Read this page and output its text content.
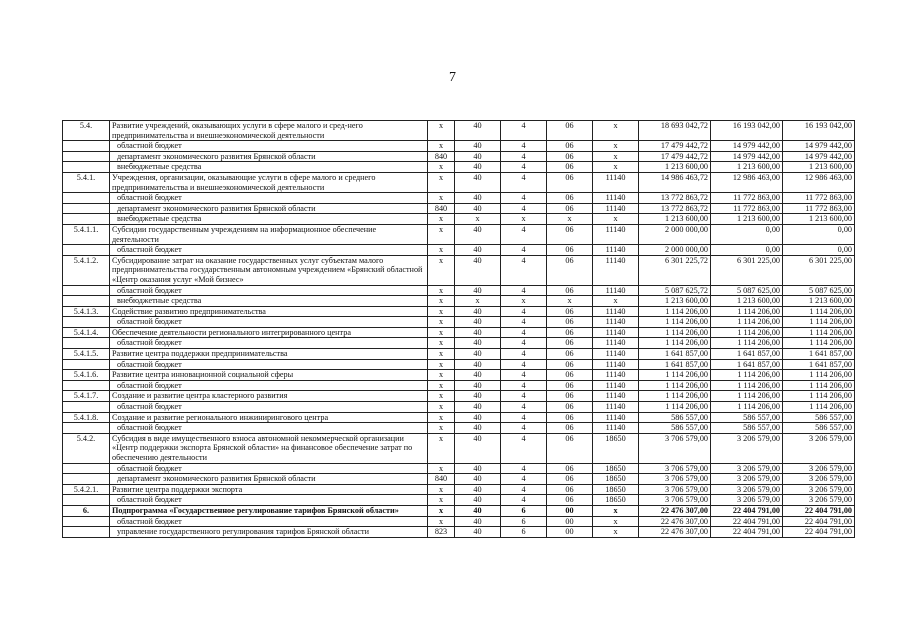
7
5.4.	Развитие учреждений, оказывающих услуги в сфере малого и сред-него предпринимательства и внешнеэкономической деятельности	x	40	4	06	x	18 693 042,72	16 193 042,00	16 193 042,00
	областной бюджет	x	40	4	06	x	17 479 442,72	14 979 442,00	14 979 442,00
	департамент экономического развития Брянской области	840	40	4	06	x	17 479 442,72	14 979 442,00	14 979 442,00
	внебюджетные средства	x	40	4	06	x	1 213 600,00	1 213 600,00	1 213 600,00
5.4.1.	Учреждения, организации, оказывающие услуги в сфере малого и среднего предпринимательства и внешнеэкономической деятельности	x	40	4	06	11140	14 986 463,72	12 986 463,00	12 986 463,00
	областной бюджет	x	40	4	06	11140	13 772 863,72	11 772 863,00	11 772 863,00
	департамент экономического развития Брянской области	840	40	4	06	11140	13 772 863,72	11 772 863,00	11 772 863,00
	внебюджетные средства	x	x	x	x	x	1 213 600,00	1 213 600,00	1 213 600,00
5.4.1.1.	Субсидии государственным учреждениям на информационное обеспечение деятельности	x	40	4	06	11140	2 000 000,00	0,00	0,00
	областной бюджет	x	40	4	06	11140	2 000 000,00	0,00	0,00
5.4.1.2.	Субсидирование затрат на оказание государственных услуг субъектам малого предпринимательства государственным автономным учреждением «Брянский областной «Центр оказания услуг «Мой бизнес»	x	40	4	06	11140	6 301 225,72	6 301 225,00	6 301 225,00
	областной бюджет	x	40	4	06	11140	5 087 625,72	5 087 625,00	5 087 625,00
	внебюджетные средства	x	x	x	x	x	1 213 600,00	1 213 600,00	1 213 600,00
5.4.1.3.	Содействие развитию предпринимательства	x	40	4	06	11140	1 114 206,00	1 114 206,00	1 114 206,00
	областной бюджет	x	40	4	06	11140	1 114 206,00	1 114 206,00	1 114 206,00
5.4.1.4.	Обеспечение деятельности регионального интегрированного центра	x	40	4	06	11140	1 114 206,00	1 114 206,00	1 114 206,00
	областной бюджет	x	40	4	06	11140	1 114 206,00	1 114 206,00	1 114 206,00
5.4.1.5.	Развитие центра поддержки предпринимательства	x	40	4	06	11140	1 641 857,00	1 641 857,00	1 641 857,00
	областной бюджет	x	40	4	06	11140	1 641 857,00	1 641 857,00	1 641 857,00
5.4.1.6.	Развитие центра инновационной социальной сферы	x	40	4	06	11140	1 114 206,00	1 114 206,00	1 114 206,00
	областной бюджет	x	40	4	06	11140	1 114 206,00	1 114 206,00	1 114 206,00
5.4.1.7.	Создание и развитие центра кластерного развития	x	40	4	06	11140	1 114 206,00	1 114 206,00	1 114 206,00
	областной бюджет	x	40	4	06	11140	1 114 206,00	1 114 206,00	1 114 206,00
5.4.1.8.	Создание и развитие регионального инжинирингового центра	x	40	4	06	11140	586 557,00	586 557,00	586 557,00
	областной бюджет	x	40	4	06	11140	586 557,00	586 557,00	586 557,00
5.4.2.	Субсидия в виде имущественного взноса автономной некоммерческой организации «Центр поддержки экспорта Брянской области» на финансовое обеспечение затрат по обеспечению деятельности	x	40	4	06	18650	3 706 579,00	3 206 579,00	3 206 579,00
	областной бюджет	x	40	4	06	18650	3 706 579,00	3 206 579,00	3 206 579,00
	департамент экономического развития Брянской области	840	40	4	06	18650	3 706 579,00	3 206 579,00	3 206 579,00
5.4.2.1.	Развитие центра поддержки экспорта	x	40	4	06	18650	3 706 579,00	3 206 579,00	3 206 579,00
	областной бюджет	x	40	4	06	18650	3 706 579,00	3 206 579,00	3 206 579,00
6.	Подпрограмма «Государственное регулирование тарифов Брянской области»	x	40	6	00	x	22 476 307,00	22 404 791,00	22 404 791,00
	областной бюджет	x	40	6	00	x	22 476 307,00	22 404 791,00	22 404 791,00
	управление государственного регулирования тарифов Брянской области	823	40	6	00	x	22 476 307,00	22 404 791,00	22 404 791,00
